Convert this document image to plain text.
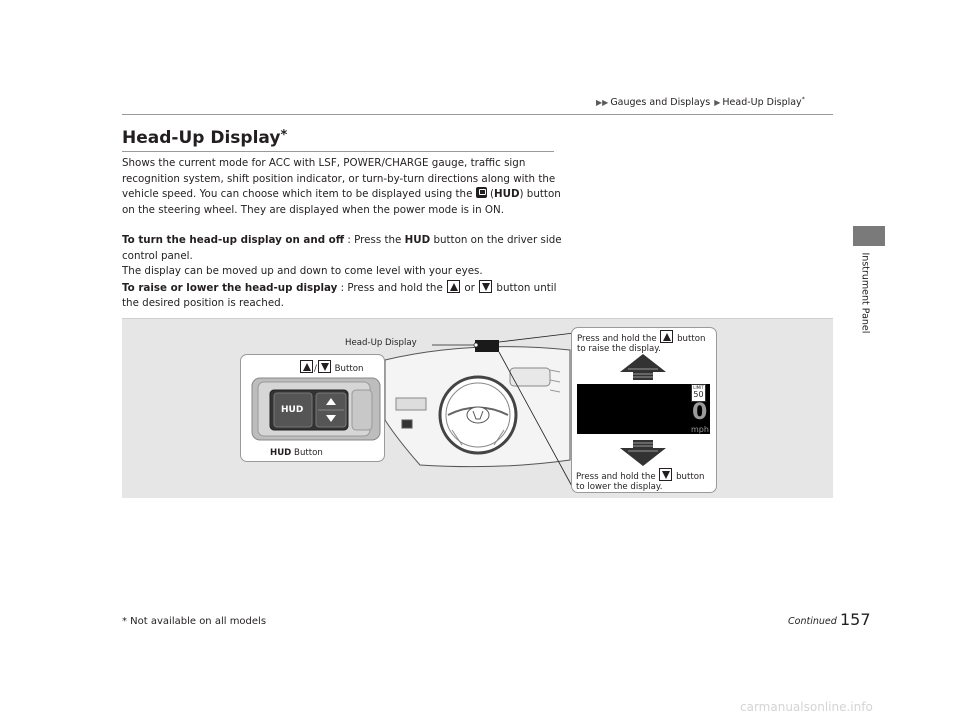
▶▶ Gauges and Displays ▶ Head-Up Display*
Instrument Panel
Head-Up Display*
Shows the current mode for ACC with LSF, POWER/CHARGE gauge, traffic sign recognition system, shift position indicator, or turn-by-turn directions along with the vehicle speed. You can choose which item to be displayed using the  (HUD) button on the steering wheel. They are displayed when the power mode is in ON.
To turn the head-up display on and off : Press the HUD button on the driver side control panel.
The display can be moved up and down to come level with your eyes.
To raise or lower the head-up display : Press and hold the
or
button until the desired position is reached.
HUD
/
Button
HUD Button
Head-Up Display	Press and hold the
button
to raise the display.
LIMIT
50
0
mph
Press and hold the
button
to lower the display.
Continued 157
* Not available on all models
carmanualsonline.info
